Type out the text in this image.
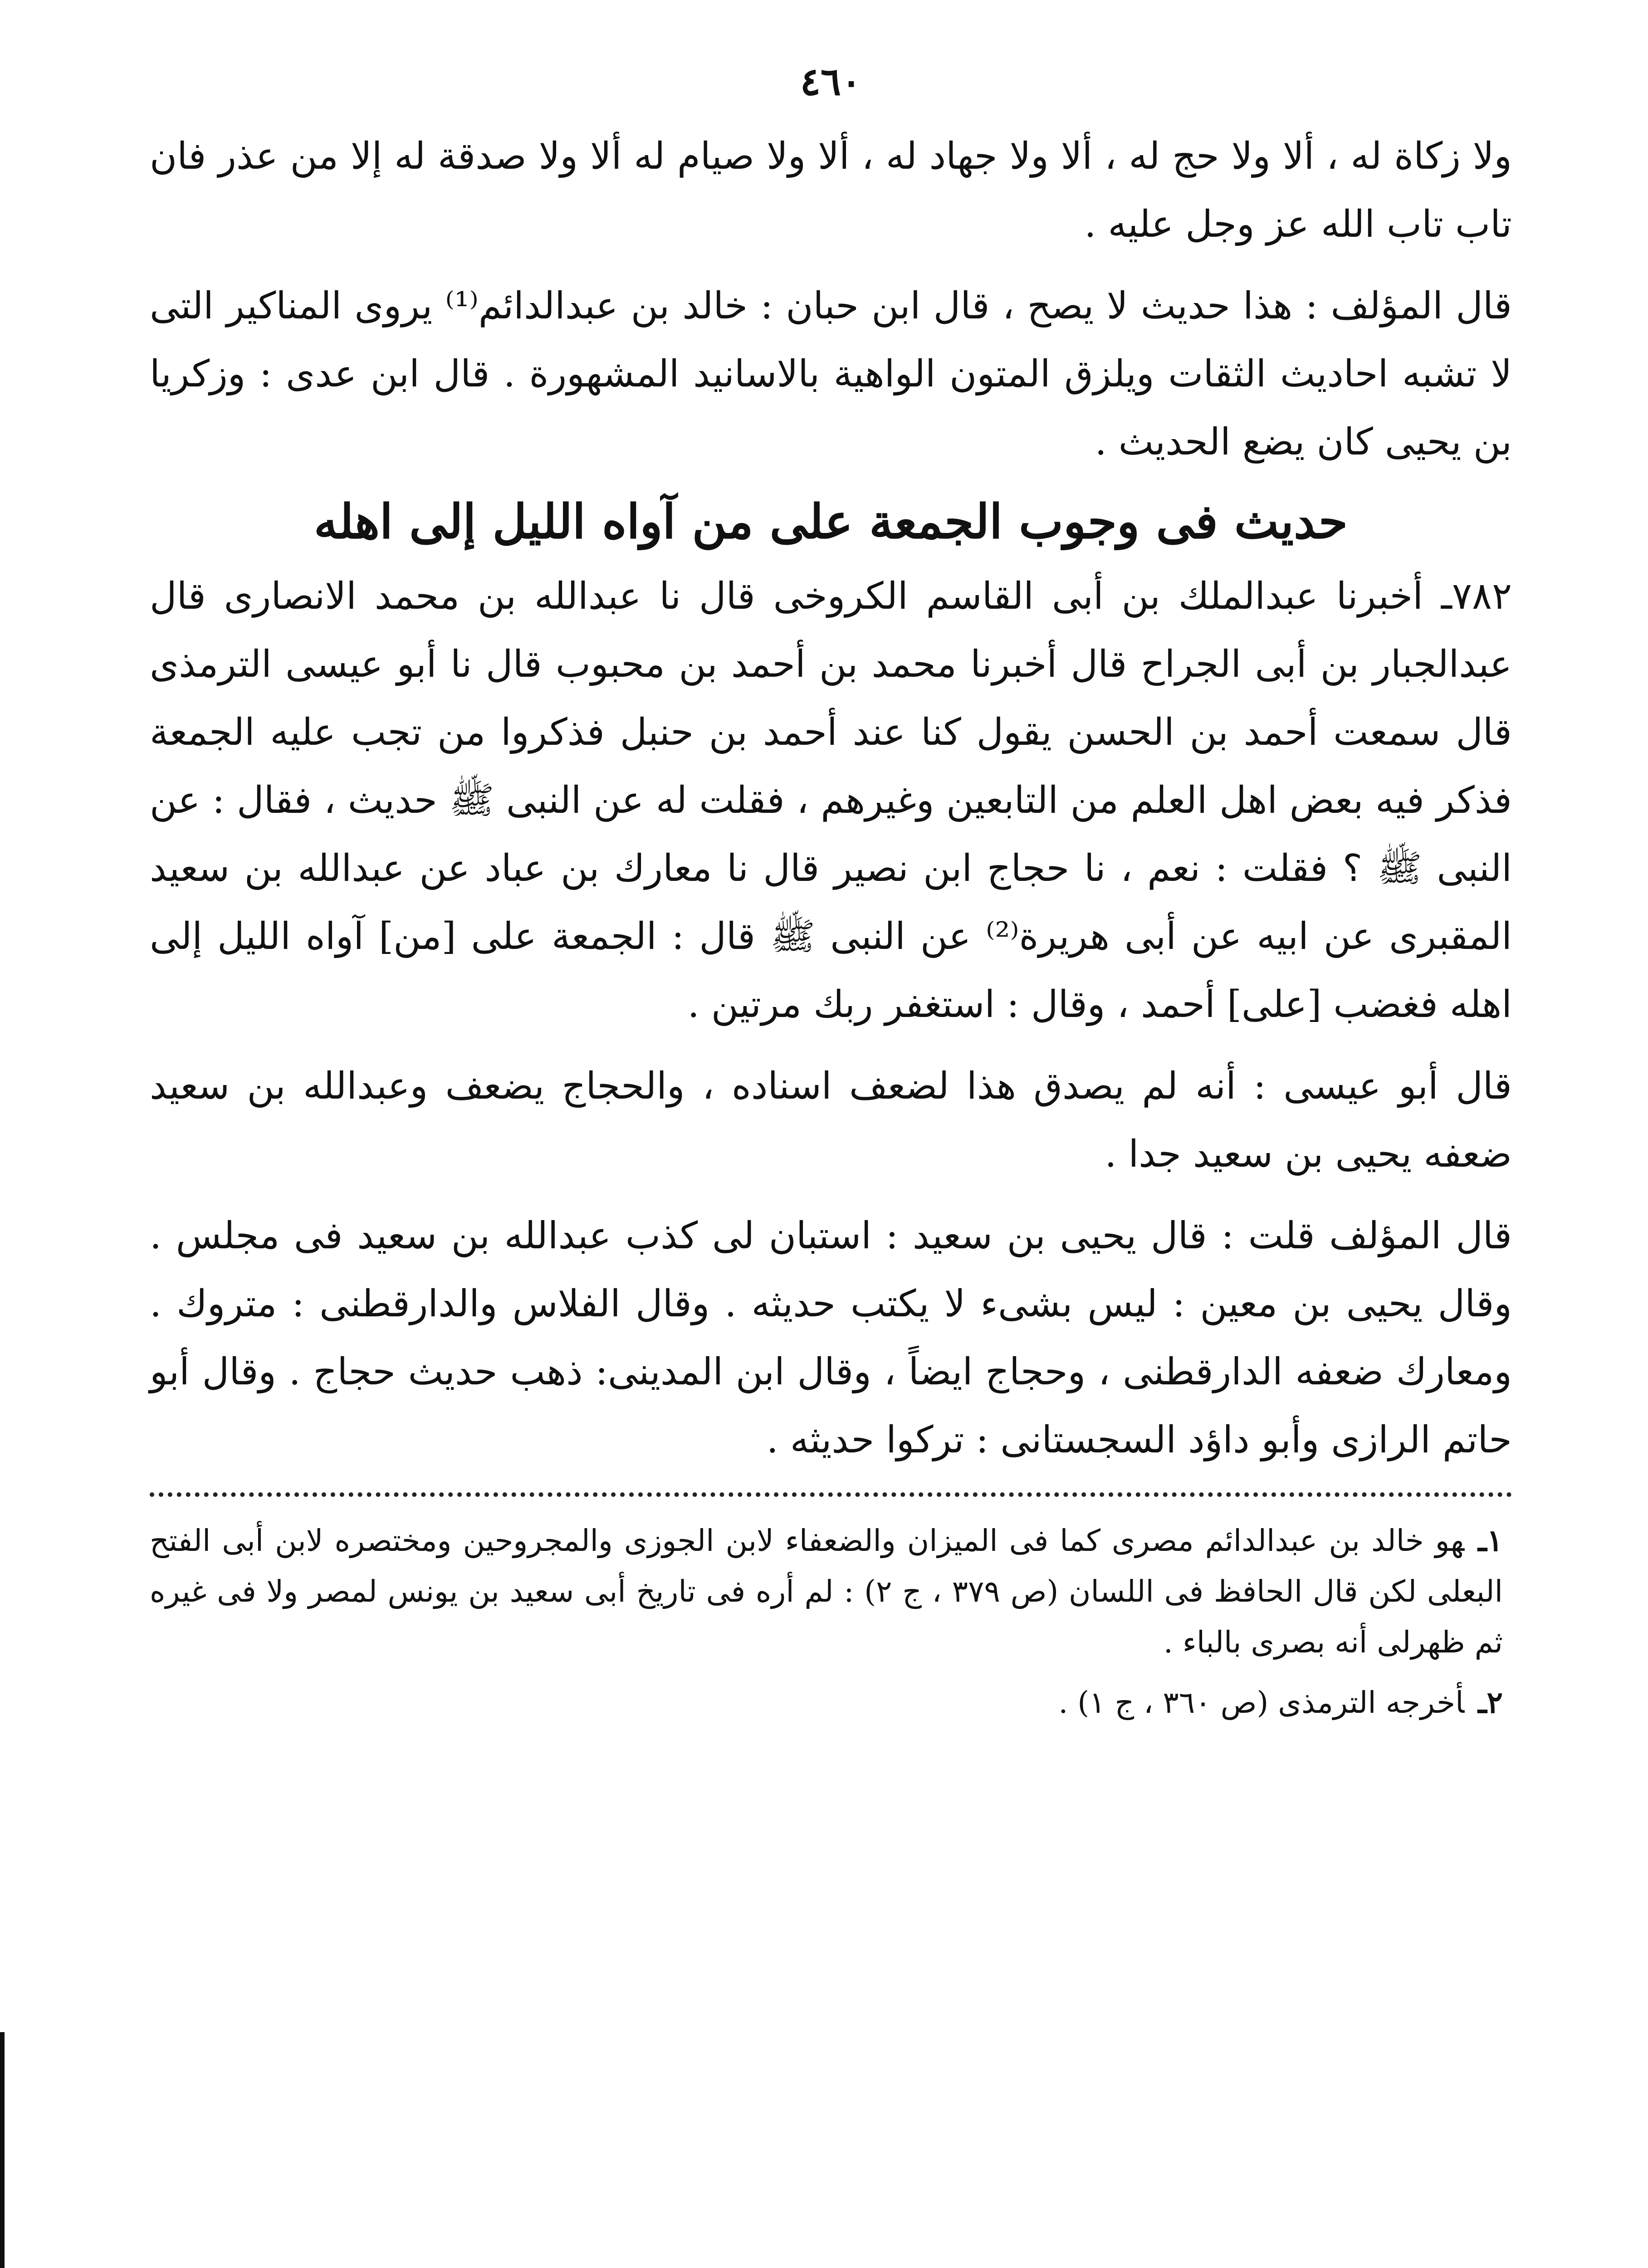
٤٦٠

ولا زكاة له ، ألا ولا حج له ، ألا ولا جهاد له ، ألا ولا صيام له ألا ولا صدقة له إلا من عذر فان تاب تاب الله عز وجل عليه .

قال المؤلف : هذا حديث لا يصح ، قال ابن حبان : خالد بن عبدالدائم⁽¹⁾ يروى المناكير التى لا تشبه احاديث الثقات ويلزق المتون الواهية بالاسانيد المشهورة . قال ابن عدى : وزكريا بن يحيى كان يضع الحديث .

حديث فى وجوب الجمعة على من آواه الليل إلى اهله

٧٨٢ـ أخبرنا عبدالملك بن أبى القاسم الكروخى قال نا عبدالله بن محمد الانصارى قال عبدالجبار بن أبى الجراح قال أخبرنا محمد بن أحمد بن محبوب قال نا أبو عيسى الترمذى قال سمعت أحمد بن الحسن يقول كنا عند أحمد بن حنبل فذكروا من تجب عليه الجمعة فذكر فيه بعض اهل العلم من التابعين وغيرهم ، فقلت له عن النبى ﷺ حديث ، فقال : عن النبى ﷺ ؟ فقلت : نعم ، نا حجاج ابن نصير قال نا معارك بن عباد عن عبدالله بن سعيد المقبرى عن ابيه عن أبى هريرة⁽²⁾ عن النبى ﷺ قال : الجمعة على [من] آواه الليل إلى اهله فغضب [على] أحمد ، وقال : استغفر ربك مرتين .

قال أبو عيسى : أنه لم يصدق هذا لضعف اسناده ، والحجاج يضعف وعبدالله بن سعيد ضعفه يحيى بن سعيد جدا .

قال المؤلف قلت : قال يحيى بن سعيد : استبان لى كذب عبدالله بن سعيد فى مجلس . وقال يحيى بن معين : ليس بشىء لا يكتب حديثه . وقال الفلاس والدارقطنى : متروك . ومعارك ضعفه الدارقطنى ، وحجاج ايضاً ، وقال ابن المدينى: ذهب حديث حجاج . وقال أبو حاتم الرازى وأبو داؤد السجستانى : تركوا حديثه .

١ـهو خالد بن عبدالدائم مصرى كما فى الميزان والضعفاء لابن الجوزى والمجروحين ومختصره لابن أبى الفتح البعلى لكن قال الحافظ فى اللسان (ص ٣٧٩ ، ج ٢) : لم أره فى تاريخ أبى سعيد بن يونس لمصر ولا فى غيره ثم ظهرلى أنه بصرى بالباء .

٢ـأخرجه الترمذى (ص ٣٦٠ ، ج ١) .
